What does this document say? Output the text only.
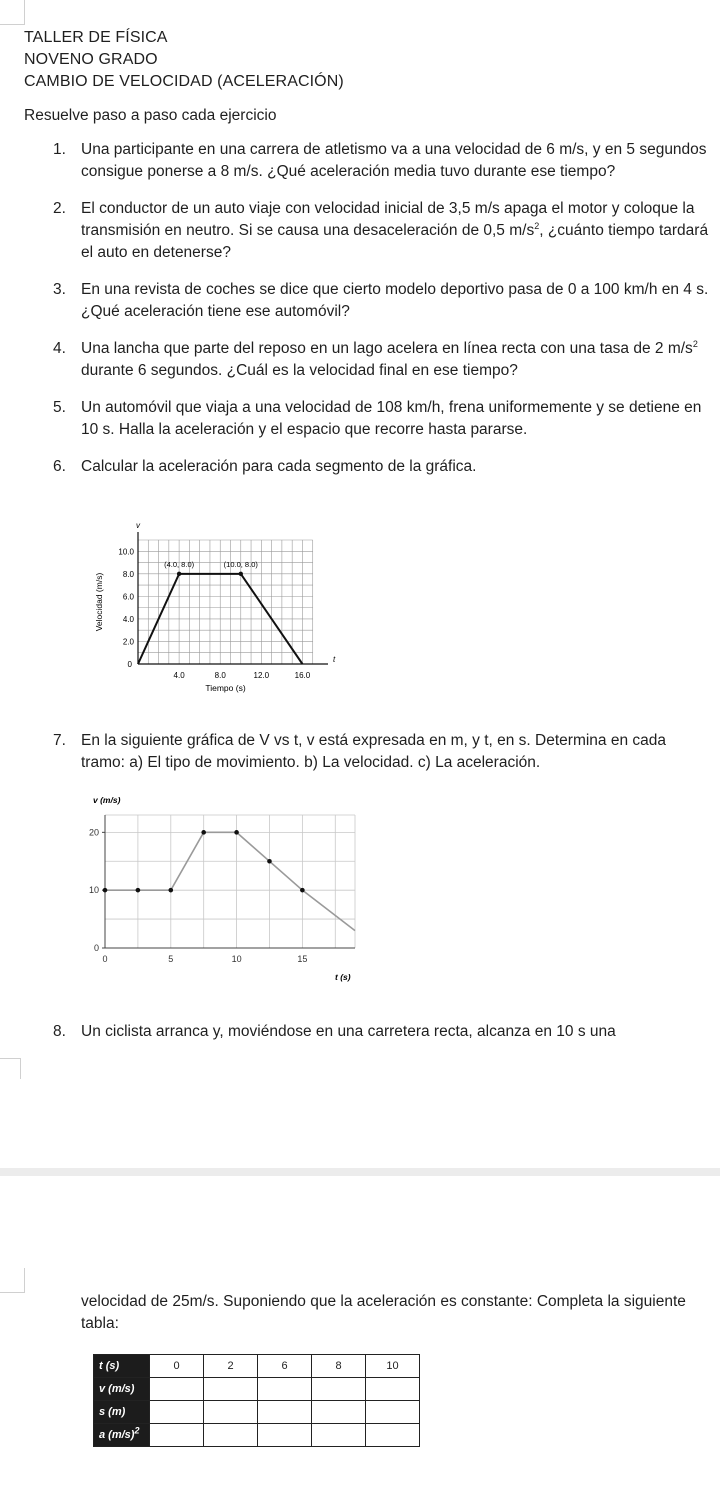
TALLER DE FÍSICA

NOVENO GRADO

CAMBIO DE VELOCIDAD (ACELERACIÓN)

Resuelve paso a paso cada ejercicio

1. Una participante en una carrera de atletismo va a una velocidad de 6 m/s, y en 5 segundos consigue ponerse a 8 m/s. ¿Qué aceleración media tuvo durante ese tiempo?
2. El conductor de un auto viaje con velocidad inicial de 3,5 m/s apaga el motor y coloque la transmisión en neutro. Si se causa una desaceleración de 0,5 $m/s^2$, ¿cuánto tiempo tardará el auto en detenerse?
3. En una revista de coches se dice que cierto modelo deportivo pasa de 0 a 100 km/h en 4 s. ¿Qué aceleración tiene ese automóvil?
4. Una lancha que parte del reposo en un lago acelera en línea recta con una tasa de 2 $m/s^2$ durante 6 segundos. ¿Cuál es la velocidad final en ese tiempo?
5. Un automóvil que viaja a una velocidad de 108 km/h, frena uniformemente y se detiene en 10 s. Halla la aceleración y el espacio que recorre hasta pararse.
6. Calcular la aceleración para cada segmento de la gráfica.
v
t
2.0
4.0
6.0
8.0
10.0
0
4.0	8.0	12.0	16.0
Tiempo (s)
Velocidad (m/s)
(4.0, 8.0)	(10.0, 8.0)
7. En la siguiente gráfica de V vs t, v está expresada en m, y t, en s. Determina en cada tramo: a) El tipo de movimiento. b) La velocidad. c) La aceleración.
0
10
20
0	5	10	15
v (m/s)
t (s)
8. Un ciclista arranca y, moviéndose en una carretera recta, alcanza en 10 s una
velocidad de 25m/s. Suponiendo que la aceleración es constante: Completa la siguiente tabla:
t (s)	0	2	6	8	10
v (m/s)					
s (m)					
a $(m/s)^2$					
